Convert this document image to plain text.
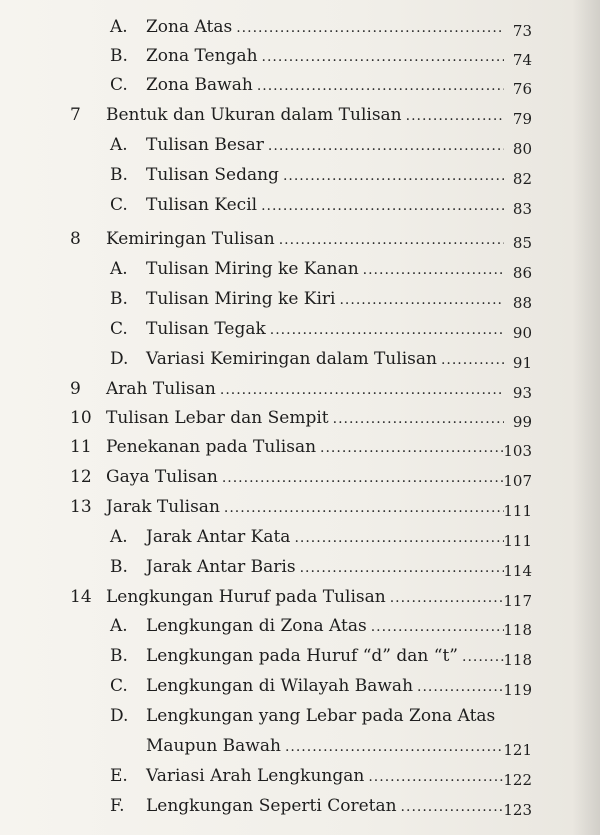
A.	Zona Atas .....	73
B.	Zona Tengah .....	74
C.	Zona Bawah .....	76
7	Bentuk dan Ukuran dalam Tulisan .....	79
A.	Tulisan Besar .....	80
B.	Tulisan Sedang .....	82
C.	Tulisan Kecil .....	83
8	Kemiringan Tulisan .....	85
A.	Tulisan Miring ke Kanan .....	86
B.	Tulisan Miring ke Kiri .....	88
C.	Tulisan Tegak .....	90
D.	Variasi Kemiringan dalam Tulisan .....	91
9	Arah Tulisan .....	93
10 Tulisan Lebar dan Sempit .....	99
11 Penekanan pada Tulisan .....	103
12 Gaya Tulisan .....	107
13 Jarak Tulisan .....	111
A.	Jarak Antar Kata .....	111
B.	Jarak Antar Baris .....	114
14 Lengkungan Huruf pada Tulisan .....	117
A.	Lengkungan di Zona Atas .....	118
B.	Lengkungan pada Huruf “d” dan “t” .....	118
C.	Lengkungan di Wilayah Bawah .....	119
D.	Lengkungan yang Lebar pada Zona Atas
Maupun Bawah .....	121
E.	Variasi Arah Lengkungan .....	122
F.	Lengkungan Seperti Coretan .....	123
